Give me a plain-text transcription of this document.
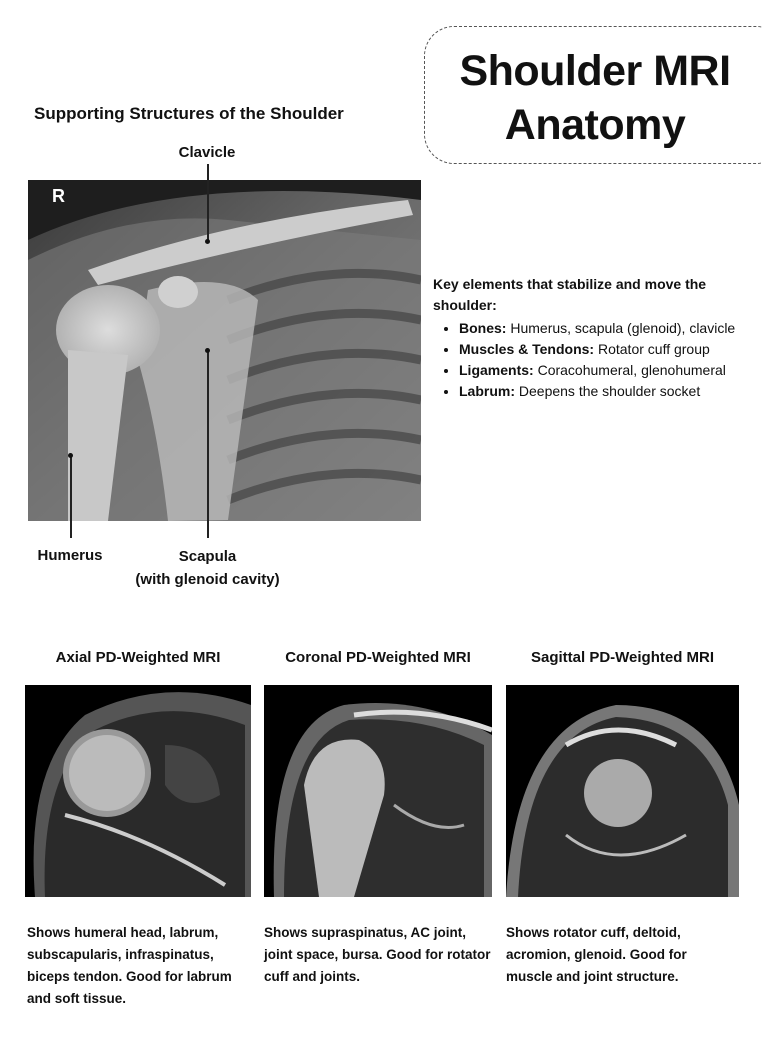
Shoulder MRI
Anatomy
Supporting Structures of the Shoulder
Clavicle
R
Humerus	Scapula
(with glenoid cavity)

Key elements that stabilize and move the shoulder:

• Bones: Humerus, scapula (glenoid), clavicle
• Muscles & Tendons: Rotator cuff group
• Ligaments: Coracohumeral, glenohumeral
• Labrum: Deepens the shoulder socket
Axial PD-Weighted MRI	Coronal PD-Weighted MRI	Sagittal PD-Weighted MRI
Shows humeral head, labrum, subscapularis, infraspinatus, biceps tendon. Good for labrum and soft tissue.
Shows supraspinatus, AC joint, joint space, bursa. Good for rotator cuff and joints.
Shows rotator cuff, deltoid, acromion, glenoid. Good for muscle and joint structure.
